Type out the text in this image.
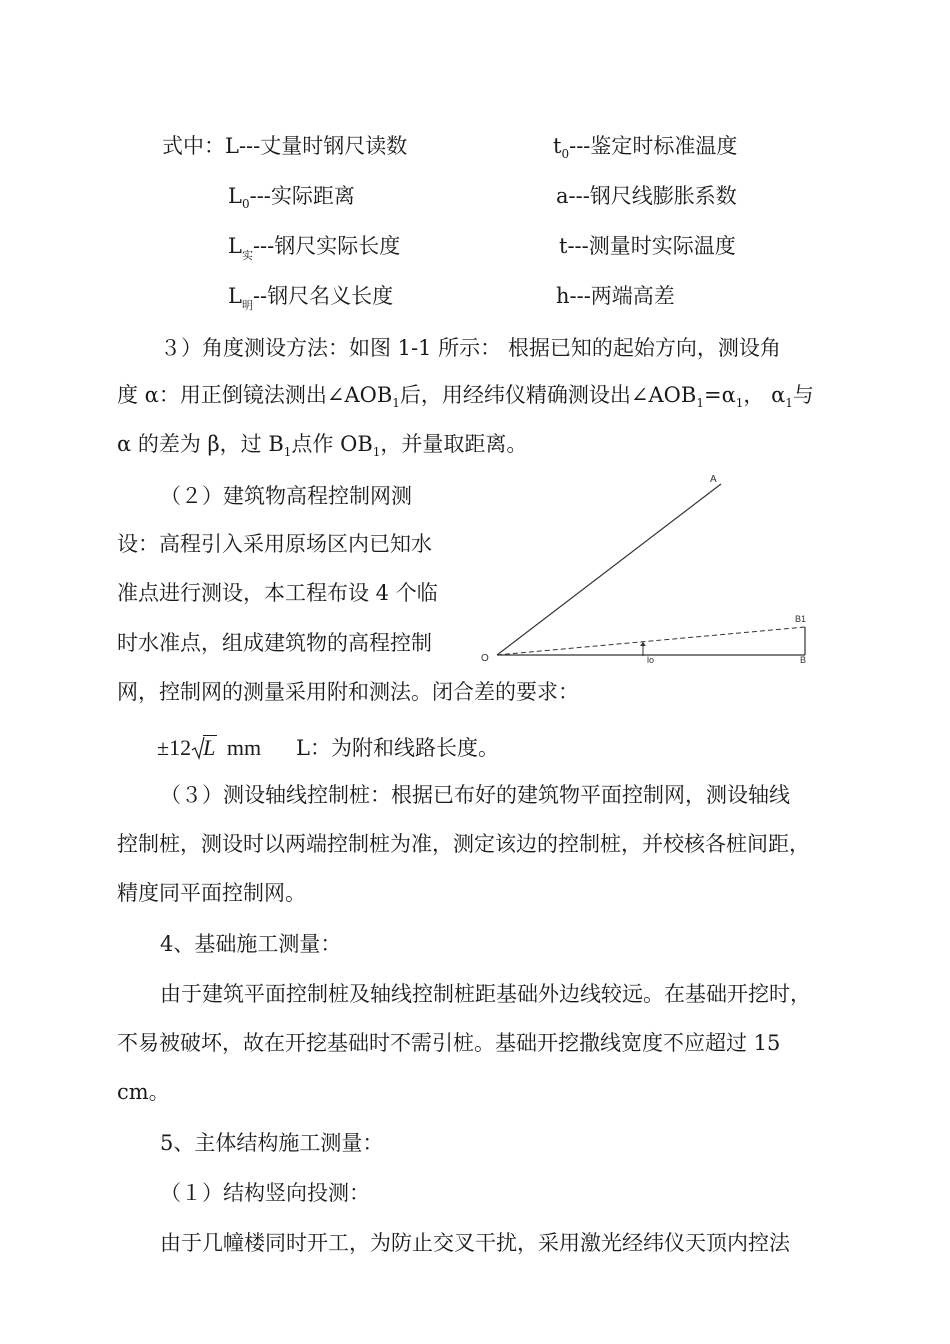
式中：L---丈量时钢尺读数	$t_0---$鉴定时标准温度
$L_0---$实际距离	a---钢尺线膨胀系数
$L_实---$钢尺实际长度	t---测量时实际温度
$L_明--$钢尺名义长度	h---两端高差
３）角度测设方法：如图 1-1 所示： 根据已知的起始方向，测设角
度 α：用正倒镜法测出$\angle AOB_1$后，用经纬仪精确测设出$\angle AOB_1=\alpha_1$， $\alpha_1$与
α 的差为 β，过 $B_1$点作 $OB_1$，并量取距离。
（２）建筑物高程控制网测
设：高程引入采用原场区内已知水
准点进行测设，本工程布设 4 个临
时水准点，组成建筑物的高程控制
网，控制网的测量采用附和测法。闭合差的要求：
A
O
B1
B
lo
±12 L mm L：为附和线路长度。
（３）测设轴线控制桩：根据已布好的建筑物平面控制网，测设轴线
控制桩，测设时以两端控制桩为准，测定该边的控制桩，并校核各桩间距，
精度同平面控制网。
4、基础施工测量：
由于建筑平面控制桩及轴线控制桩距基础外边线较远。在基础开挖时，
不易被破坏，故在开挖基础时不需引桩。基础开挖撒线宽度不应超过 15
cm。
5、主体结构施工测量：
（１）结构竖向投测：
由于几幢楼同时开工，为防止交叉干扰，采用激光经纬仪天顶内控法
